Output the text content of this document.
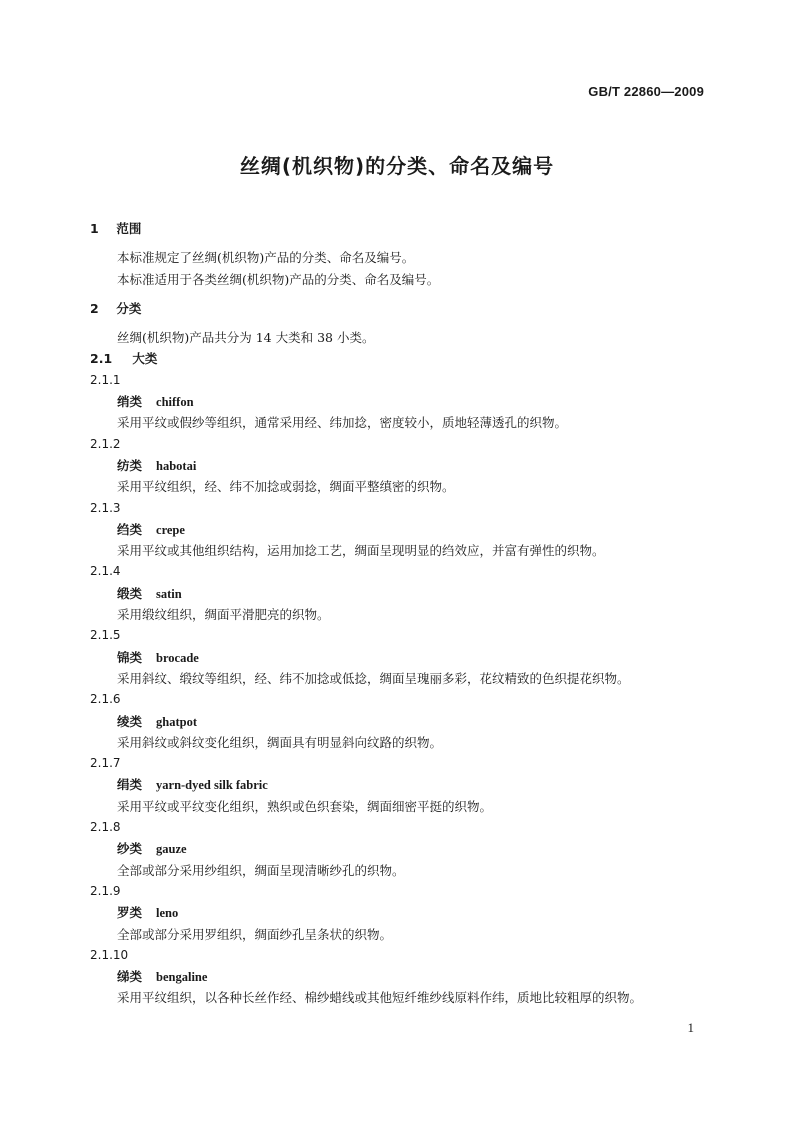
GB/T 22860—2009
丝绸(机织物)的分类、命名及编号
1 范围
本标准规定了丝绸(机织物)产品的分类、命名及编号。
本标准适用于各类丝绸(机织物)产品的分类、命名及编号。
2 分类
丝绸(机织物)产品共分为 14 大类和 38 小类。
2.1 大类
2.1.1
绡类 chiffon
采用平纹或假纱等组织，通常采用经、纬加捻，密度较小，质地轻薄透孔的织物。
2.1.2
纺类 habotai
采用平纹组织，经、纬不加捻或弱捻，绸面平整缜密的织物。
2.1.3
绉类 crepe
采用平纹或其他组织结构，运用加捻工艺，绸面呈现明显的绉效应，并富有弹性的织物。
2.1.4
缎类 satin
采用缎纹组织，绸面平滑肥亮的织物。
2.1.5
锦类 brocade
采用斜纹、缎纹等组织，经、纬不加捻或低捻，绸面呈瑰丽多彩，花纹精致的色织提花织物。
2.1.6
绫类 ghatpot
采用斜纹或斜纹变化组织，绸面具有明显斜向纹路的织物。
2.1.7
绢类 yarn-dyed silk fabric
采用平纹或平纹变化组织，熟织或色织套染，绸面细密平挺的织物。
2.1.8
纱类 gauze
全部或部分采用纱组织，绸面呈现清晰纱孔的织物。
2.1.9
罗类 leno
全部或部分采用罗组织，绸面纱孔呈条状的织物。
2.1.10
绨类 bengaline
采用平纹组织，以各种长丝作经、棉纱蜡线或其他短纤维纱线原料作纬，质地比较粗厚的织物。
1
